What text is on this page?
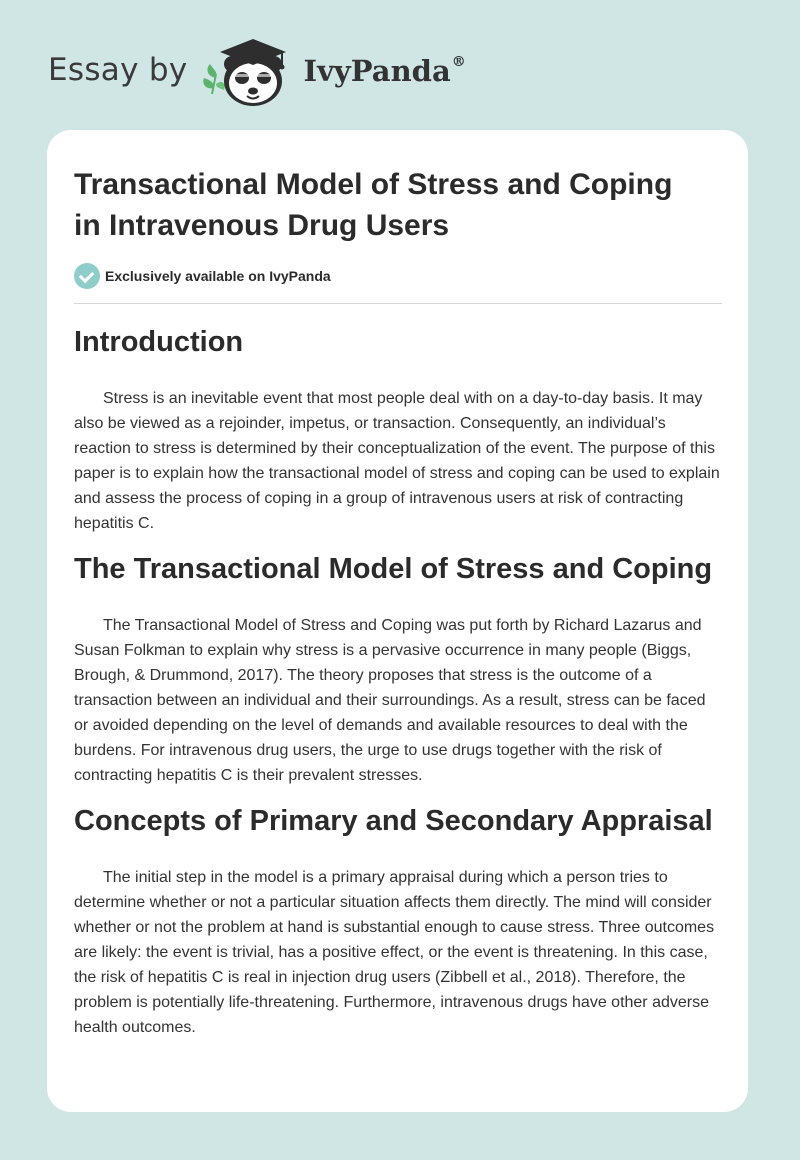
Essay by	IvyPanda®
Transactional Model of Stress and Coping in Intravenous Drug Users
Exclusively available on IvyPanda
Introduction

Stress is an inevitable event that most people deal with on a day-to-day basis. It may also be viewed as a rejoinder, impetus, or transaction. Consequently, an individual’s reaction to stress is determined by their conceptualization of the event. The purpose of this paper is to explain how the transactional model of stress and coping can be used to explain and assess the process of coping in a group of intravenous users at risk of contracting hepatitis C.

The Transactional Model of Stress and Coping

The Transactional Model of Stress and Coping was put forth by Richard Lazarus and Susan Folkman to explain why stress is a pervasive occurrence in many people (Biggs, Brough, & Drummond, 2017). The theory proposes that stress is the outcome of a transaction between an individual and their surroundings. As a result, stress can be faced or avoided depending on the level of demands and available resources to deal with the burdens. For intravenous drug users, the urge to use drugs together with the risk of contracting hepatitis C is their prevalent stresses.

Concepts of Primary and Secondary Appraisal

The initial step in the model is a primary appraisal during which a person tries to determine whether or not a particular situation affects them directly. The mind will consider whether or not the problem at hand is substantial enough to cause stress. Three outcomes are likely: the event is trivial, has a positive effect, or the event is threatening. In this case, the risk of hepatitis C is real in injection drug users (Zibbell et al., 2018). Therefore, the problem is potentially life-threatening. Furthermore, intravenous drugs have other adverse health outcomes.
